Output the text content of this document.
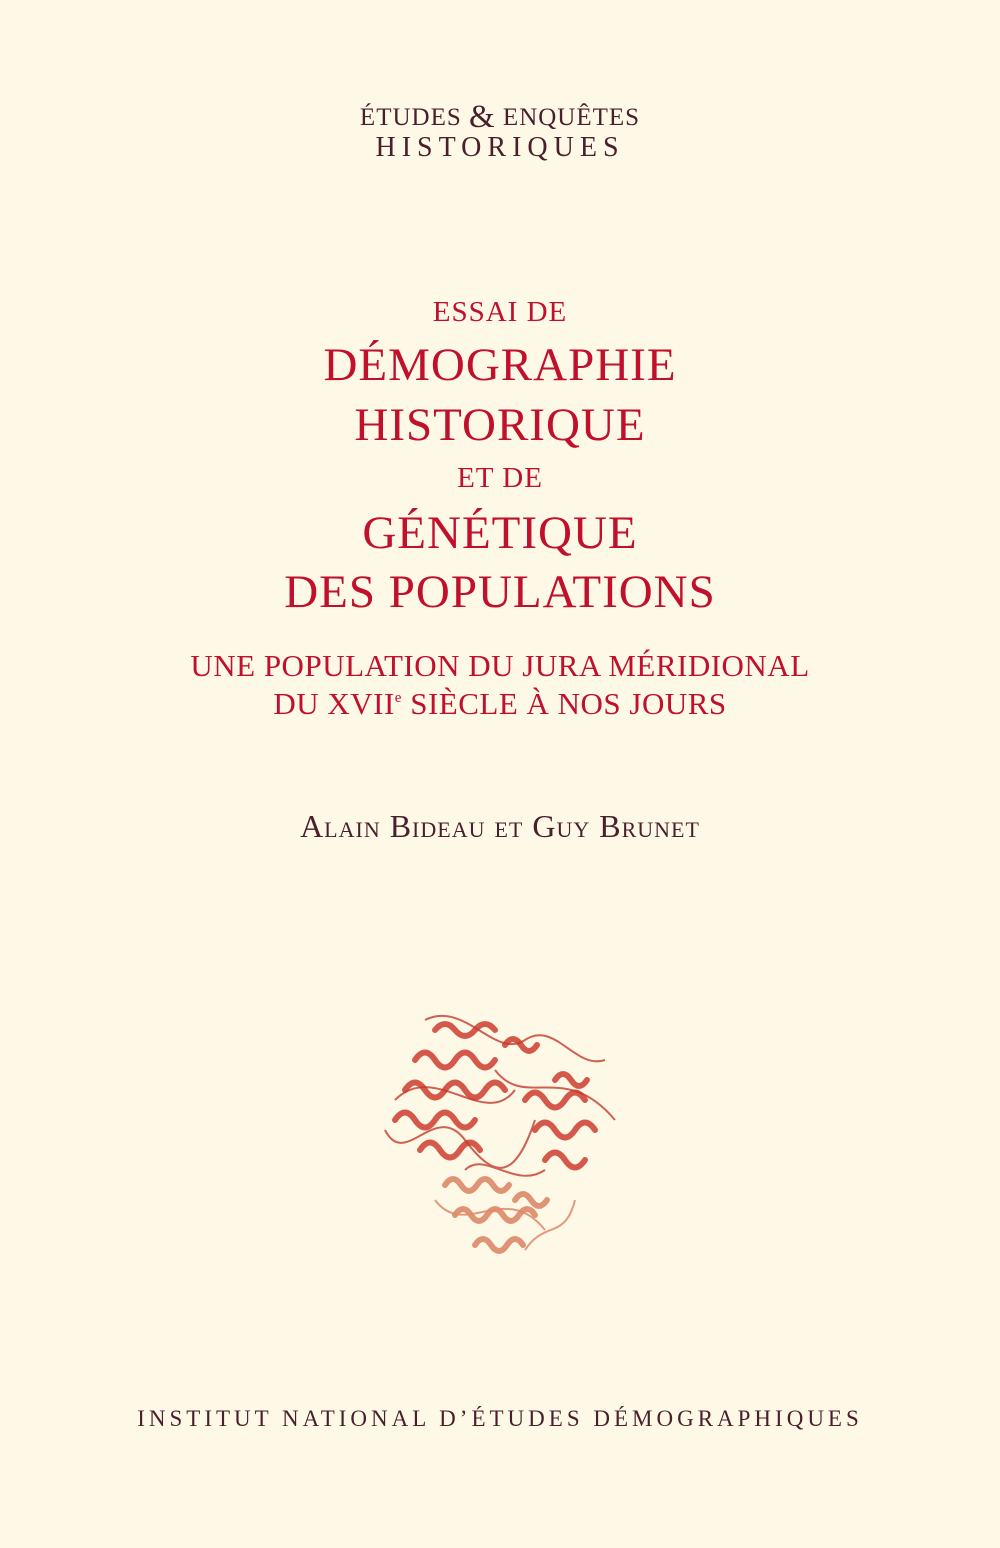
ÉTUDES & ENQUÊTES
HISTORIQUES
ESSAI DE
DÉMOGRAPHIE
HISTORIQUE
ET DE
GÉNÉTIQUE
DES POPULATIONS
UNE POPULATION DU JURA MÉRIDIONAL
DU XVIIe SIÈCLE À NOS JOURS
Alain Bideau et Guy Brunet
INSTITUT NATIONAL D’ÉTUDES DÉMOGRAPHIQUES
